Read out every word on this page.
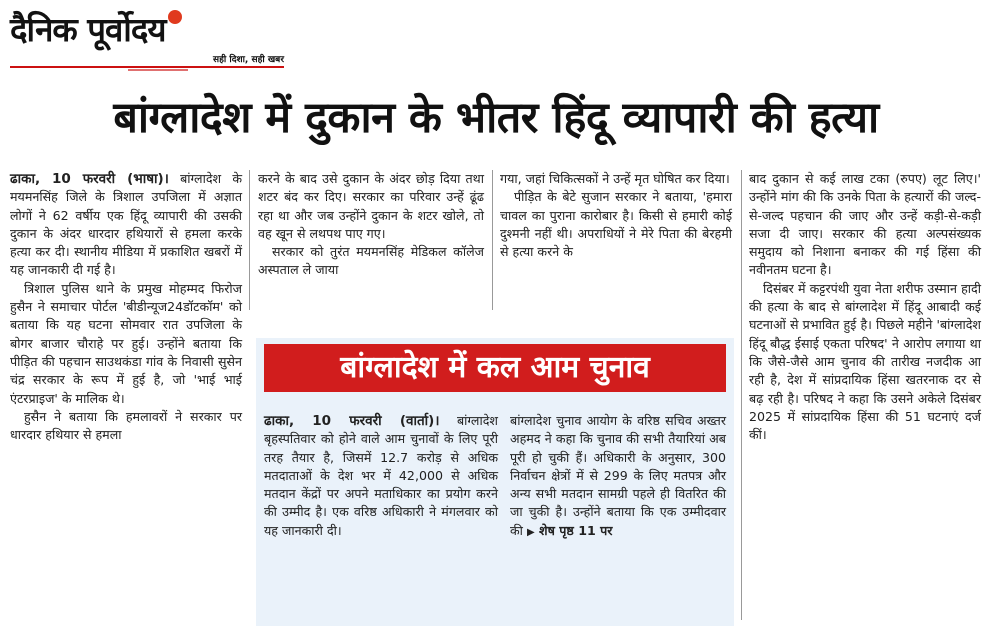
दैनिक पूर्वोदय
सही दिशा, सही खबर
बांग्लादेश में दुकान के भीतर हिंदू व्यापारी की हत्या

ढाका, 10 फरवरी (भाषा)। बांग्लादेश के मयमनसिंह जिले के त्रिशाल उपजिला में अज्ञात लोगों ने 62 वर्षीय एक हिंदू व्यापारी की उसकी दुकान के अंदर धारदार हथियारों से हमला करके हत्या कर दी। स्थानीय मीडिया में प्रकाशित खबरों में यह जानकारी दी गई है।

त्रिशाल पुलिस थाने के प्रमुख मोहम्मद फिरोज हुसैन ने समाचार पोर्टल 'बीडीन्यूज24डॉटकॉम' को बताया कि यह घटना सोमवार रात उपजिला के बोगर बाजार चौराहे पर हुई। उन्होंने बताया कि पीड़ित की पहचान साउथकंडा गांव के निवासी सुसेन चंद्र सरकार के रूप में हुई है, जो 'भाई भाई एंटरप्राइज' के मालिक थे।

हुसैन ने बताया कि हमलावरों ने सरकार पर धारदार हथियार से हमला

करने के बाद उसे दुकान के अंदर छोड़ दिया तथा शटर बंद कर दिए। सरकार का परिवार उन्हें ढूंढ रहा था और जब उन्होंने दुकान के शटर खोले, तो वह खून से लथपथ पाए गए।

सरकार को तुरंत मयमनसिंह मेडिकल कॉलेज अस्पताल ले जाया

गया, जहां चिकित्सकों ने उन्हें मृत घोषित कर दिया।

पीड़ित के बेटे सुजान सरकार ने बताया, 'हमारा चावल का पुराना कारोबार है। किसी से हमारी कोई दुश्मनी नहीं थी। अपराधियों ने मेरे पिता की बेरहमी से हत्या करने के

बाद दुकान से कई लाख टका (रुपए) लूट लिए।' उन्होंने मांग की कि उनके पिता के हत्यारों की जल्द-से-जल्द पहचान की जाए और उन्हें कड़ी-से-कड़ी सजा दी जाए। सरकार की हत्या अल्पसंख्यक समुदाय को निशाना बनाकर की गई हिंसा की नवीनतम घटना है।

दिसंबर में कट्टरपंथी युवा नेता शरीफ उस्मान हादी की हत्या के बाद से बांग्लादेश में हिंदू आबादी कई घटनाओं से प्रभावित हुई है। पिछले महीने 'बांग्लादेश हिंदू बौद्ध ईसाई एकता परिषद' ने आरोप लगाया था कि जैसे-जैसे आम चुनाव की तारीख नजदीक आ रही है, देश में सांप्रदायिक हिंसा खतरनाक दर से बढ़ रही है। परिषद ने कहा कि उसने अकेले दिसंबर 2025 में सांप्रदायिक हिंसा की 51 घटनाएं दर्ज कीं।

बांग्लादेश में कल आम चुनाव

ढाका, 10 फरवरी (वार्ता)। बांग्लादेश बृहस्पतिवार को होने वाले आम चुनावों के लिए पूरी तरह तैयार है, जिसमें 12.7 करोड़ से अधिक मतदाताओं के देश भर में 42,000 से अधिक मतदान केंद्रों पर अपने मताधिकार का प्रयोग करने की उम्मीद है। एक वरिष्ठ अधिकारी ने मंगलवार को यह जानकारी दी।

बांग्लादेश चुनाव आयोग के वरिष्ठ सचिव अख्तर अहमद ने कहा कि चुनाव की सभी तैयारियां अब पूरी हो चुकी हैं। अधिकारी के अनुसार, 300 निर्वाचन क्षेत्रों में से 299 के लिए मतपत्र और अन्य सभी मतदान सामग्री पहले ही वितरित की जा चुकी है। उन्होंने बताया कि एक उम्मीदवार की ▶ शेष पृष्ठ 11 पर
